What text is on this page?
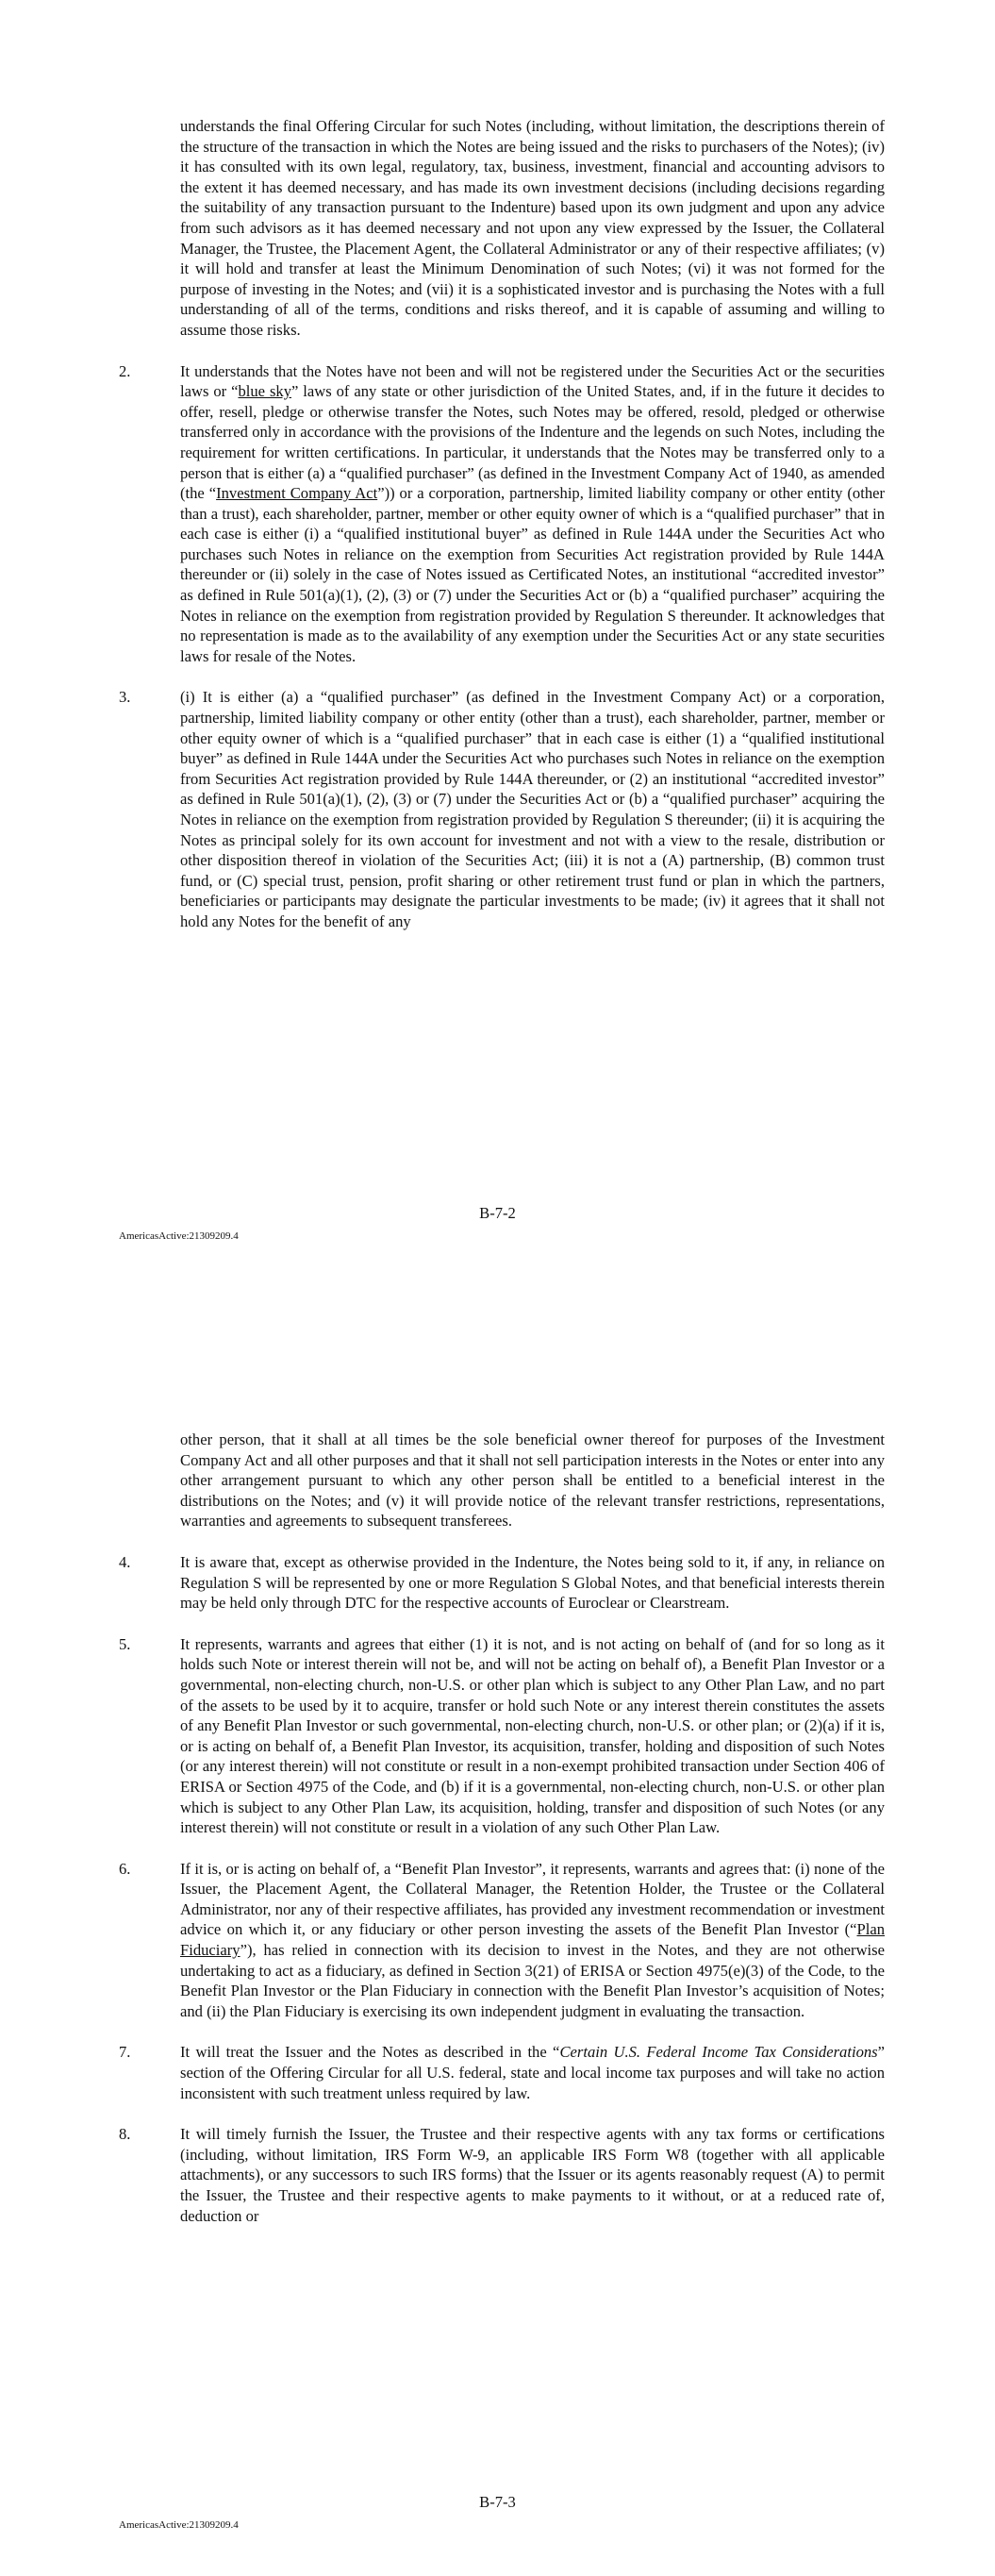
understands the final Offering Circular for such Notes (including, without limitation, the descriptions therein of the structure of the transaction in which the Notes are being issued and the risks to purchasers of the Notes); (iv) it has consulted with its own legal, regulatory, tax, business, investment, financial and accounting advisors to the extent it has deemed necessary, and has made its own investment decisions (including decisions regarding the suitability of any transaction pursuant to the Indenture) based upon its own judgment and upon any advice from such advisors as it has deemed necessary and not upon any view expressed by the Issuer, the Collateral Manager, the Trustee, the Placement Agent, the Collateral Administrator or any of their respective affiliates; (v) it will hold and transfer at least the Minimum Denomination of such Notes; (vi) it was not formed for the purpose of investing in the Notes; and (vii) it is a sophisticated investor and is purchasing the Notes with a full understanding of all of the terms, conditions and risks thereof, and it is capable of assuming and willing to assume those risks.
2.	It understands that the Notes have not been and will not be registered under the Securities Act or the securities laws or “blue sky” laws of any state or other jurisdiction of the United States, and, if in the future it decides to offer, resell, pledge or otherwise transfer the Notes, such Notes may be offered, resold, pledged or otherwise transferred only in accordance with the provisions of the Indenture and the legends on such Notes, including the requirement for written certifications. In particular, it understands that the Notes may be transferred only to a person that is either (a) a “qualified purchaser” (as defined in the Investment Company Act of 1940, as amended (the “Investment Company Act”)) or a corporation, partnership, limited liability company or other entity (other than a trust), each shareholder, partner, member or other equity owner of which is a “qualified purchaser” that in each case is either (i) a “qualified institutional buyer” as defined in Rule 144A under the Securities Act who purchases such Notes in reliance on the exemption from Securities Act registration provided by Rule 144A thereunder or (ii) solely in the case of Notes issued as Certificated Notes, an institutional “accredited investor” as defined in Rule 501(a)(1), (2), (3) or (7) under the Securities Act or (b) a “qualified purchaser” acquiring the Notes in reliance on the exemption from registration provided by Regulation S thereunder. It acknowledges that no representation is made as to the availability of any exemption under the Securities Act or any state securities laws for resale of the Notes.
3.	(i) It is either (a) a “qualified purchaser” (as defined in the Investment Company Act) or a corporation, partnership, limited liability company or other entity (other than a trust), each shareholder, partner, member or other equity owner of which is a “qualified purchaser” that in each case is either (1) a “qualified institutional buyer” as defined in Rule 144A under the Securities Act who purchases such Notes in reliance on the exemption from Securities Act registration provided by Rule 144A thereunder, or (2) an institutional “accredited investor” as defined in Rule 501(a)(1), (2), (3) or (7) under the Securities Act or (b) a “qualified purchaser” acquiring the Notes in reliance on the exemption from registration provided by Regulation S thereunder; (ii) it is acquiring the Notes as principal solely for its own account for investment and not with a view to the resale, distribution or other disposition thereof in violation of the Securities Act; (iii) it is not a (A) partnership, (B) common trust fund, or (C) special trust, pension, profit sharing or other retirement trust fund or plan in which the partners, beneficiaries or participants may designate the particular investments to be made; (iv) it agrees that it shall not hold any Notes for the benefit of any
B-7-2
AmericasActive:21309209.4
other person, that it shall at all times be the sole beneficial owner thereof for purposes of the Investment Company Act and all other purposes and that it shall not sell participation interests in the Notes or enter into any other arrangement pursuant to which any other person shall be entitled to a beneficial interest in the distributions on the Notes; and (v) it will provide notice of the relevant transfer restrictions, representations, warranties and agreements to subsequent transferees.
4.	It is aware that, except as otherwise provided in the Indenture, the Notes being sold to it, if any, in reliance on Regulation S will be represented by one or more Regulation S Global Notes, and that beneficial interests therein may be held only through DTC for the respective accounts of Euroclear or Clearstream.
5.	It represents, warrants and agrees that either (1) it is not, and is not acting on behalf of (and for so long as it holds such Note or interest therein will not be, and will not be acting on behalf of), a Benefit Plan Investor or a governmental, non-electing church, non-U.S. or other plan which is subject to any Other Plan Law, and no part of the assets to be used by it to acquire, transfer or hold such Note or any interest therein constitutes the assets of any Benefit Plan Investor or such governmental, non-electing church, non-U.S. or other plan; or (2)(a) if it is, or is acting on behalf of, a Benefit Plan Investor, its acquisition, transfer, holding and disposition of such Notes (or any interest therein) will not constitute or result in a non-exempt prohibited transaction under Section 406 of ERISA or Section 4975 of the Code, and (b) if it is a governmental, non-electing church, non-U.S. or other plan which is subject to any Other Plan Law, its acquisition, holding, transfer and disposition of such Notes (or any interest therein) will not constitute or result in a violation of any such Other Plan Law.
6.	If it is, or is acting on behalf of, a “Benefit Plan Investor”, it represents, warrants and agrees that: (i) none of the Issuer, the Placement Agent, the Collateral Manager, the Retention Holder, the Trustee or the Collateral Administrator, nor any of their respective affiliates, has provided any investment recommendation or investment advice on which it, or any fiduciary or other person investing the assets of the Benefit Plan Investor (“Plan Fiduciary”), has relied in connection with its decision to invest in the Notes, and they are not otherwise undertaking to act as a fiduciary, as defined in Section 3(21) of ERISA or Section 4975(e)(3) of the Code, to the Benefit Plan Investor or the Plan Fiduciary in connection with the Benefit Plan Investor’s acquisition of Notes; and (ii) the Plan Fiduciary is exercising its own independent judgment in evaluating the transaction.
7.	It will treat the Issuer and the Notes as described in the “Certain U.S. Federal Income Tax Considerations” section of the Offering Circular for all U.S. federal, state and local income tax purposes and will take no action inconsistent with such treatment unless required by law.
8.	It will timely furnish the Issuer, the Trustee and their respective agents with any tax forms or certifications (including, without limitation, IRS Form W-9, an applicable IRS Form W8 (together with all applicable attachments), or any successors to such IRS forms) that the Issuer or its agents reasonably request (A) to permit the Issuer, the Trustee and their respective agents to make payments to it without, or at a reduced rate of, deduction or
B-7-3
AmericasActive:21309209.4
